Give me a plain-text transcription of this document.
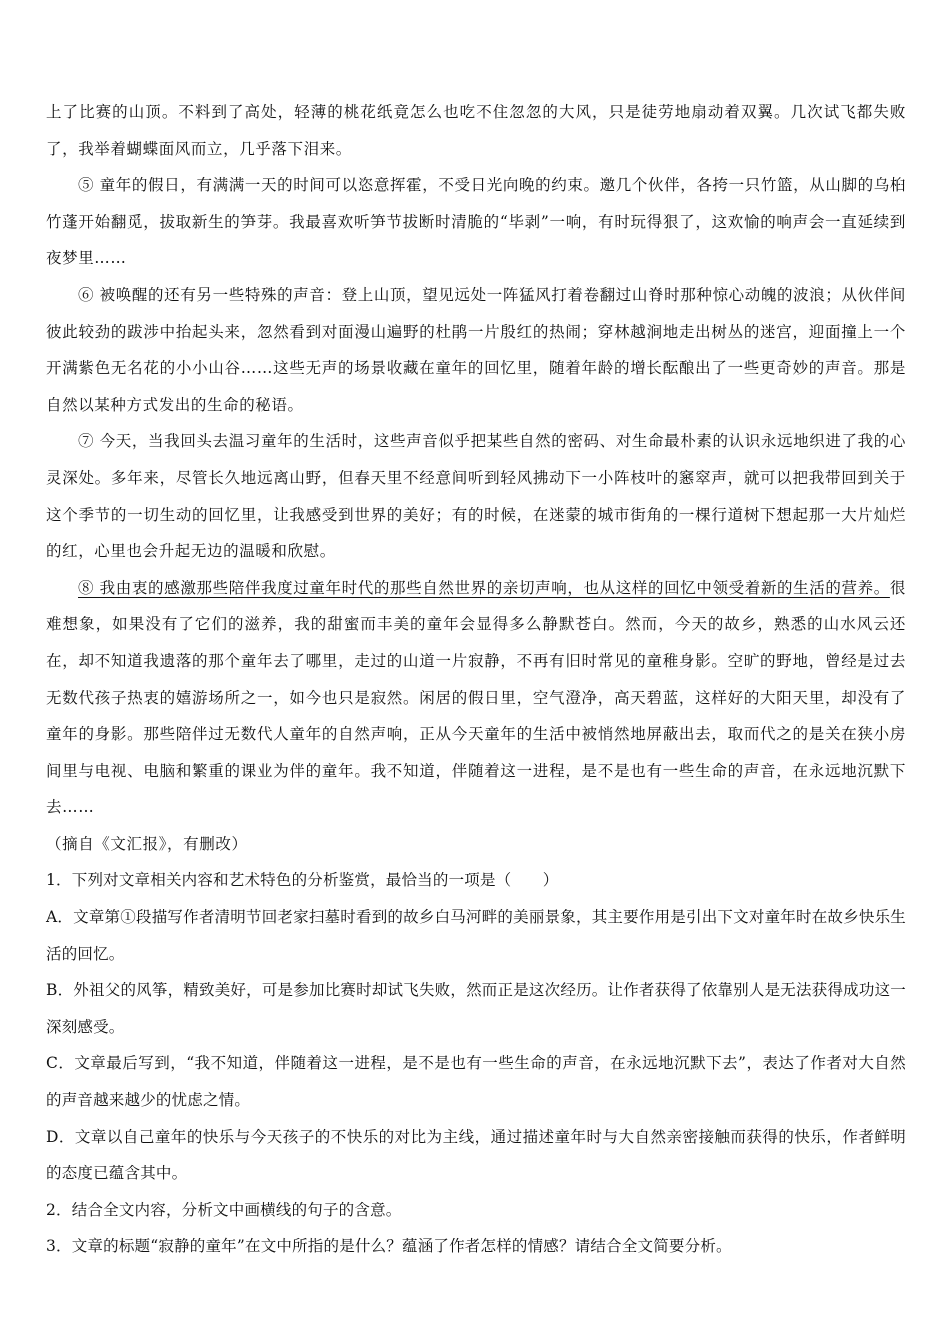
上了比赛的山顶。不料到了高处，轻薄的桃花纸竟怎么也吃不住忽忽的大风，只是徒劳地扇动着双翼。几次试飞都失败了，我举着蝴蝶面风而立，几乎落下泪来。

⑤ 童年的假日，有满满一天的时间可以恣意挥霍，不受日光向晚的约束。邀几个伙伴，各挎一只竹篮，从山脚的乌桕竹蓬开始翻觅，拔取新生的笋芽。我最喜欢听笋节拔断时清脆的“毕剥”一响，有时玩得狠了，这欢愉的响声会一直延续到夜梦里……

⑥ 被唤醒的还有另一些特殊的声音：登上山顶，望见远处一阵猛风打着卷翻过山脊时那种惊心动魄的波浪；从伙伴间彼此较劲的跋涉中抬起头来，忽然看到对面漫山遍野的杜鹃一片殷红的热闹；穿林越涧地走出树丛的迷宫，迎面撞上一个开满紫色无名花的小小山谷……这些无声的场景收藏在童年的回忆里，随着年龄的增长酝酿出了一些更奇妙的声音。那是自然以某种方式发出的生命的秘语。

⑦ 今天，当我回头去温习童年的生活时，这些声音似乎把某些自然的密码、对生命最朴素的认识永远地织进了我的心灵深处。多年来，尽管长久地远离山野，但春天里不经意间听到轻风拂动下一小阵枝叶的窸窣声，就可以把我带回到关于这个季节的一切生动的回忆里，让我感受到世界的美好；有的时候，在迷蒙的城市街角的一棵行道树下想起那一大片灿烂的红，心里也会升起无边的温暖和欣慰。

⑧ 我由衷的感激那些陪伴我度过童年时代的那些自然世界的亲切声响，也从这样的回忆中领受着新的生活的营养。很难想象，如果没有了它们的滋养，我的甜蜜而丰美的童年会显得多么静默苍白。然而，今天的故乡，熟悉的山水风云还在，却不知道我遗落的那个童年去了哪里，走过的山道一片寂静，不再有旧时常见的童稚身影。空旷的野地，曾经是过去无数代孩子热衷的嬉游场所之一，如今也只是寂然。闲居的假日里，空气澄净，高天碧蓝，这样好的大阳天里，却没有了童年的身影。那些陪伴过无数代人童年的自然声响，正从今天童年的生活中被悄然地屏蔽出去，取而代之的是关在狭小房间里与电视、电脑和繁重的课业为伴的童年。我不知道，伴随着这一进程，是不是也有一些生命的声音，在永远地沉默下去……

（摘自《文汇报》，有删改）

1．下列对文章相关内容和艺术特色的分析鉴赏，最恰当的一项是（　　）

A．文章第①段描写作者清明节回老家扫墓时看到的故乡白马河畔的美丽景象，其主要作用是引出下文对童年时在故乡快乐生活的回忆。

B．外祖父的风筝，精致美好，可是参加比赛时却试飞失败，然而正是这次经历。让作者获得了依靠别人是无法获得成功这一深刻感受。

C．文章最后写到，“我不知道，伴随着这一进程，是不是也有一些生命的声音，在永远地沉默下去”，表达了作者对大自然的声音越来越少的忧虑之情。

D．文章以自己童年的快乐与今天孩子的不快乐的对比为主线，通过描述童年时与大自然亲密接触而获得的快乐，作者鲜明的态度已蕴含其中。

2．结合全文内容，分析文中画横线的句子的含意。

3．文章的标题“寂静的童年”在文中所指的是什么？蕴涵了作者怎样的情感？请结合全文简要分析。
